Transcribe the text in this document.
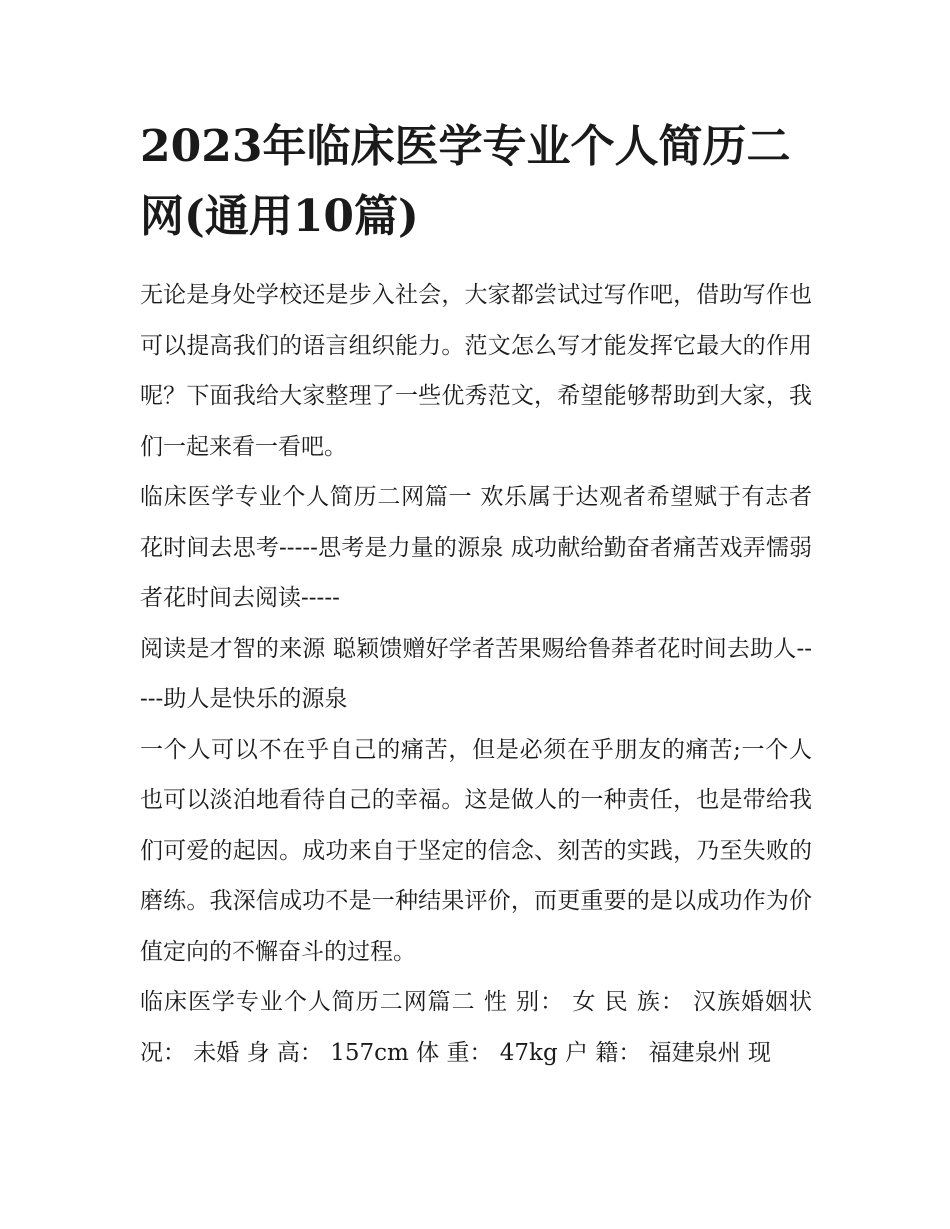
2023年临床医学专业个人简历二网(通用10篇)

无论是身处学校还是步入社会，大家都尝试过写作吧，借助写作也可以提高我们的语言组织能力。范文怎么写才能发挥它最大的作用呢？下面我给大家整理了一些优秀范文，希望能够帮助到大家，我们一起来看一看吧。

临床医学专业个人简历二网篇一 欢乐属于达观者希望赋于有志者花时间去思考-----思考是力量的源泉 成功献给勤奋者痛苦戏弄懦弱者花时间去阅读-----

阅读是才智的来源 聪颖馈赠好学者苦果赐给鲁莽者花时间去助人-----助人是快乐的源泉

一个人可以不在乎自己的痛苦，但是必须在乎朋友的痛苦;一个人也可以淡泊地看待自己的幸福。这是做人的一种责任，也是带给我们可爱的起因。成功来自于坚定的信念、刻苦的实践，乃至失败的磨练。我深信成功不是一种结果评价，而更重要的是以成功作为价值定向的不懈奋斗的过程。

临床医学专业个人简历二网篇二 性 别： 女 民 族： 汉族婚姻状况： 未婚 身 高： 157cm 体 重： 47kg 户 籍： 福建泉州 现
